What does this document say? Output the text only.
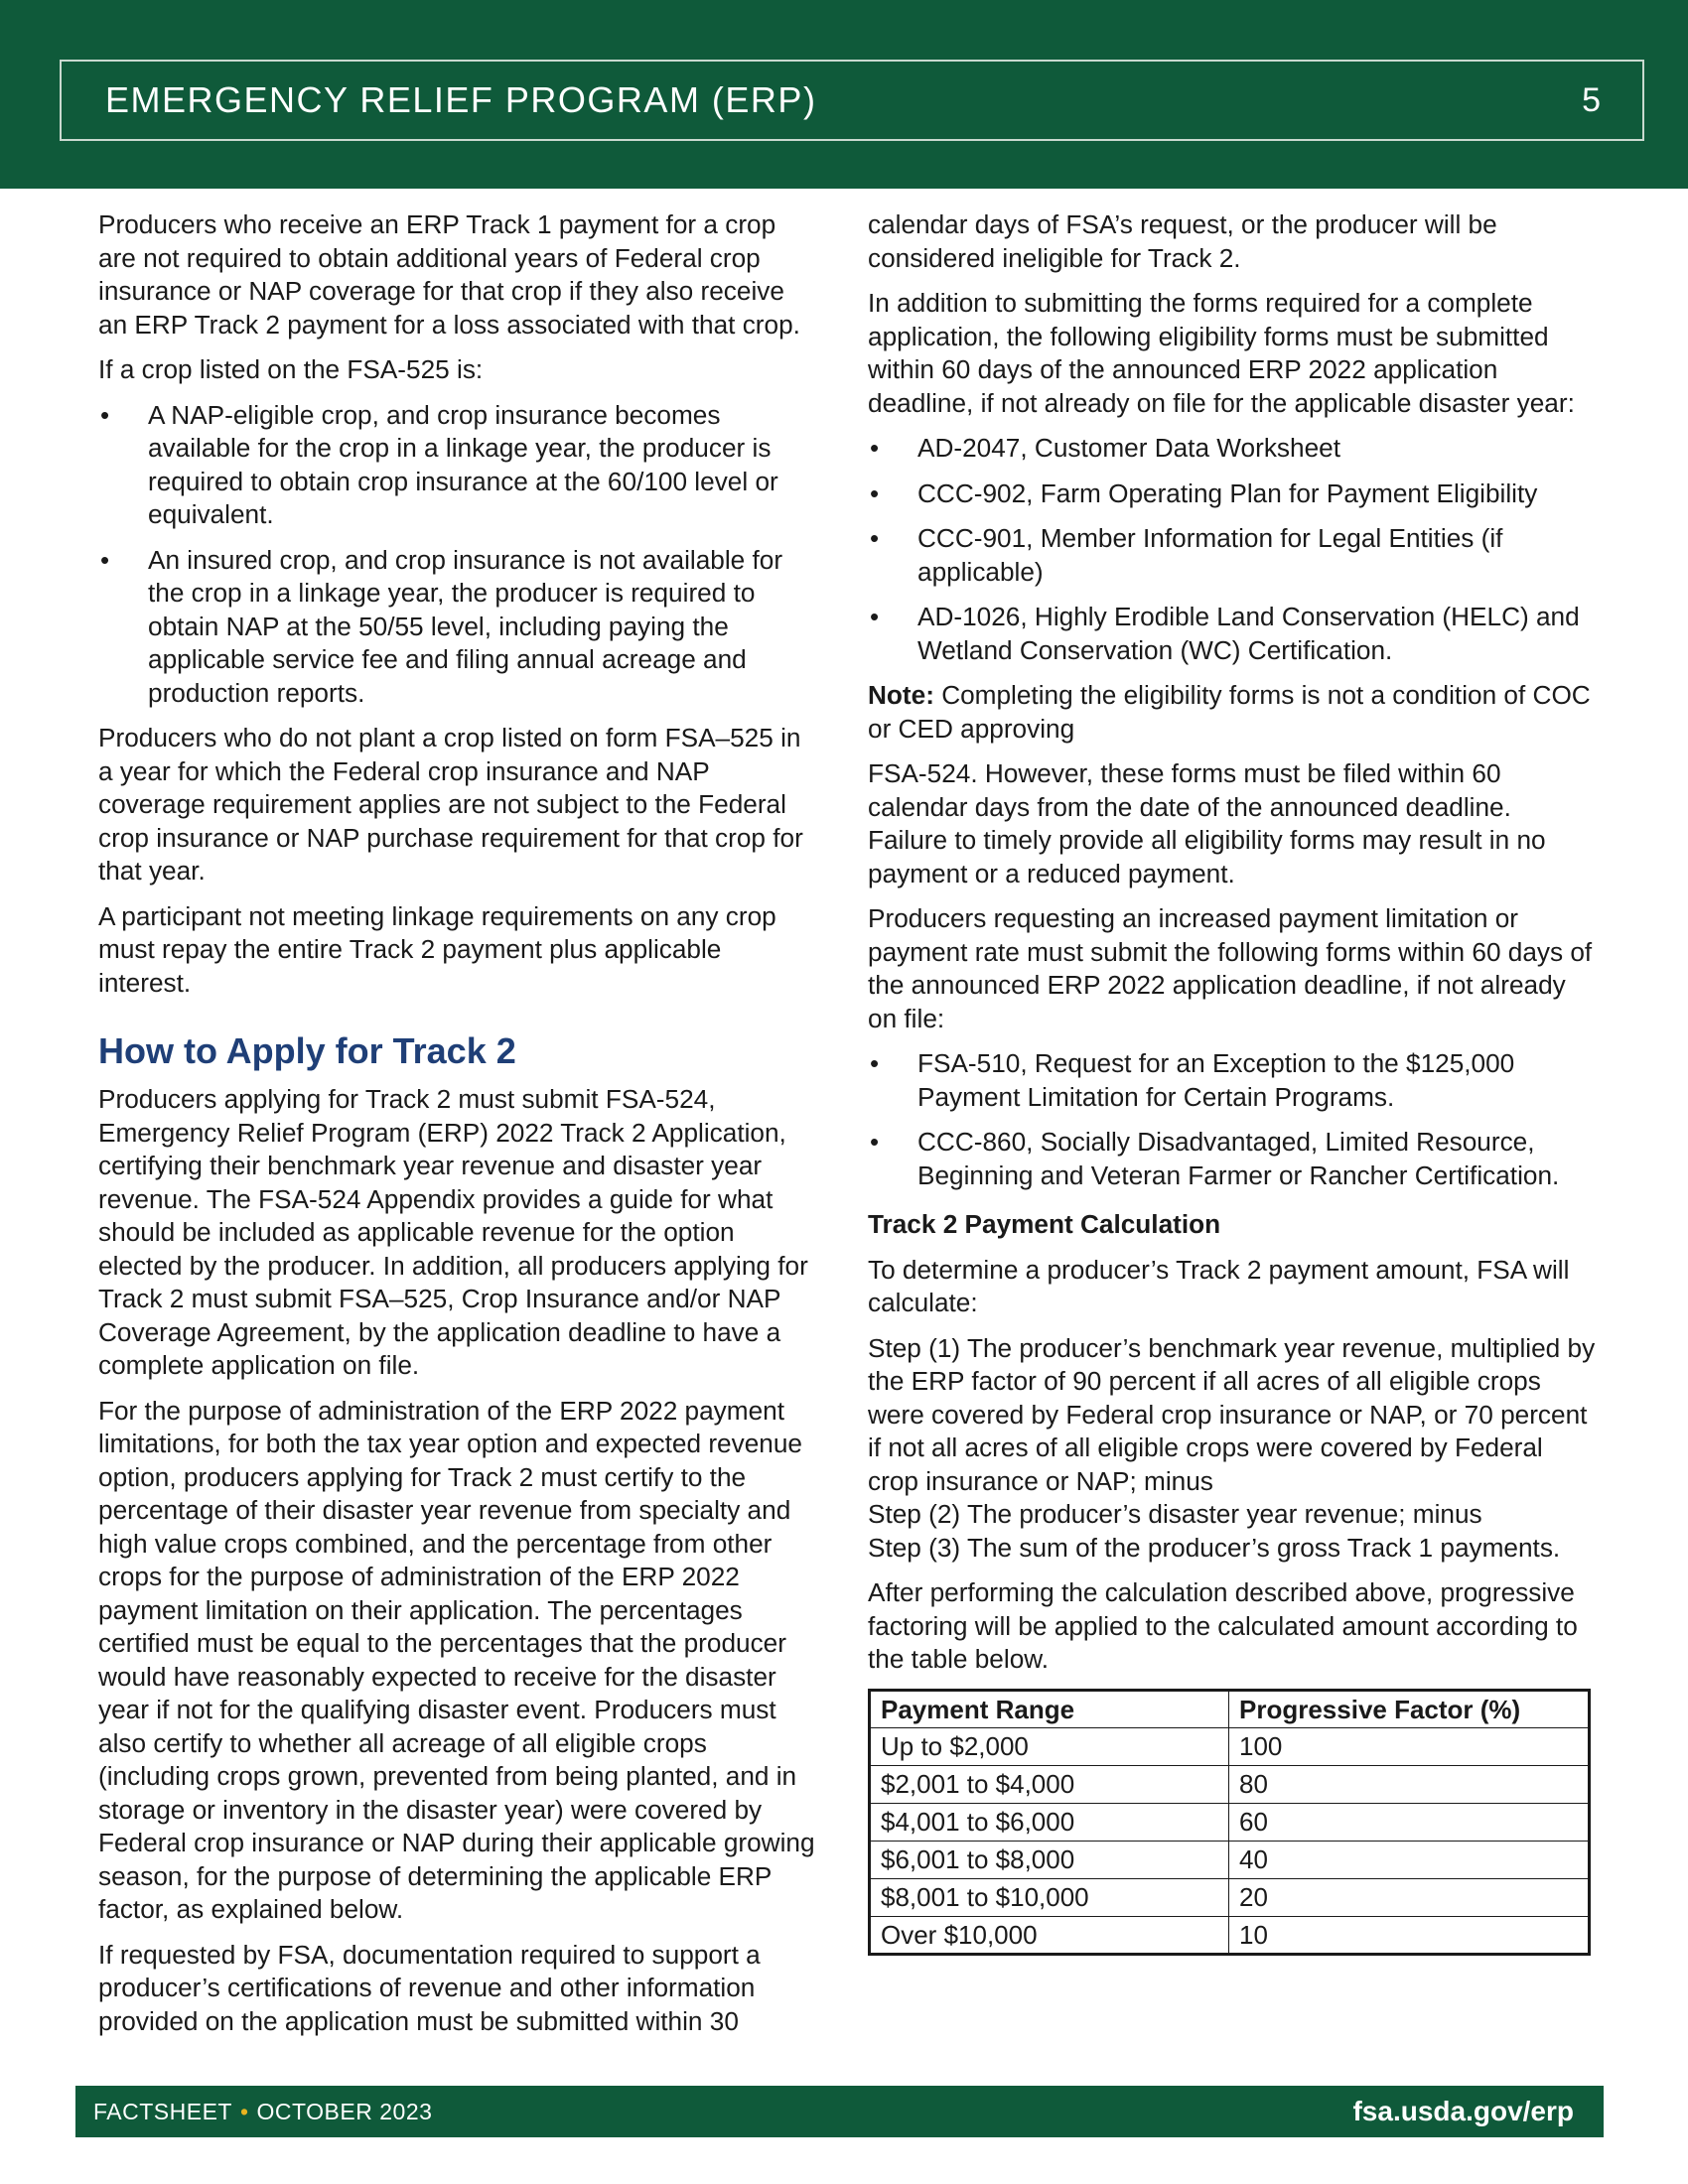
EMERGENCY RELIEF PROGRAM (ERP)	5

Producers who receive an ERP Track 1 payment for a crop are not required to obtain additional years of Federal crop insurance or NAP coverage for that crop if they also receive an ERP Track 2 payment for a loss associated with that crop.

If a crop listed on the FSA-525 is:

• A NAP-eligible crop, and crop insurance becomes available for the crop in a linkage year, the producer is required to obtain crop insurance at the 60/100 level or equivalent.
• An insured crop, and crop insurance is not available for the crop in a linkage year, the producer is required to obtain NAP at the 50/55 level, including paying the applicable service fee and filing annual acreage and production reports.

Producers who do not plant a crop listed on form FSA–525 in a year for which the Federal crop insurance and NAP coverage requirement applies are not subject to the Federal crop insurance or NAP purchase requirement for that crop for that year.

A participant not meeting linkage requirements on any crop must repay the entire Track 2 payment plus applicable interest.

How to Apply for Track 2

Producers applying for Track 2 must submit FSA-524, Emergency Relief Program (ERP) 2022 Track 2 Application, certifying their benchmark year revenue and disaster year revenue. The FSA-524 Appendix provides a guide for what should be included as applicable revenue for the option elected by the producer. In addition, all producers applying for Track 2 must submit FSA–525, Crop Insurance and/or NAP Coverage Agreement, by the application deadline to have a complete application on file.

For the purpose of administration of the ERP 2022 payment limitations, for both the tax year option and expected revenue option, producers applying for Track 2 must certify to the percentage of their disaster year revenue from specialty and high value crops combined, and the percentage from other crops for the purpose of administration of the ERP 2022 payment limitation on their application. The percentages certified must be equal to the percentages that the producer would have reasonably expected to receive for the disaster year if not for the qualifying disaster event. Producers must also certify to whether all acreage of all eligible crops (including crops grown, prevented from being planted, and in storage or inventory in the disaster year) were covered by Federal crop insurance or NAP during their applicable growing season, for the purpose of determining the applicable ERP factor, as explained below.

If requested by FSA, documentation required to support a producer’s certifications of revenue and other information provided on the application must be submitted within 30

calendar days of FSA’s request, or the producer will be considered ineligible for Track 2.

In addition to submitting the forms required for a complete application, the following eligibility forms must be submitted within 60 days of the announced ERP 2022 application deadline, if not already on file for the applicable disaster year:

• AD-2047, Customer Data Worksheet
• CCC-902, Farm Operating Plan for Payment Eligibility
• CCC-901, Member Information for Legal Entities (if applicable)
• AD-1026, Highly Erodible Land Conservation (HELC) and Wetland Conservation (WC) Certification.

Note: Completing the eligibility forms is not a condition of COC or CED approving

FSA-524. However, these forms must be filed within 60 calendar days from the date of the announced deadline. Failure to timely provide all eligibility forms may result in no payment or a reduced payment.

Producers requesting an increased payment limitation or payment rate must submit the following forms within 60 days of the announced ERP 2022 application deadline, if not already on file:

• FSA-510, Request for an Exception to the $125,000 Payment Limitation for Certain Programs.
• CCC-860, Socially Disadvantaged, Limited Resource, Beginning and Veteran Farmer or Rancher Certification.

Track 2 Payment Calculation

To determine a producer’s Track 2 payment amount, FSA will calculate:

Step (1) The producer’s benchmark year revenue, multiplied by the ERP factor of 90 percent if all acres of all eligible crops were covered by Federal crop insurance or NAP, or 70 percent if not all acres of all eligible crops were covered by Federal crop insurance or NAP; minus
Step (2) The producer’s disaster year revenue; minus
Step (3) The sum of the producer’s gross Track 1 payments.

After performing the calculation described above, progressive factoring will be applied to the calculated amount according to the table below.

Payment Range	Progressive Factor (%)
Up to $2,000	100
$2,001 to $4,000	80
$4,001 to $6,000	60
$6,001 to $8,000	40
$8,001 to $10,000	20
Over $10,000	10
FACTSHEET • OCTOBER 2023	fsa.usda.gov/erp
